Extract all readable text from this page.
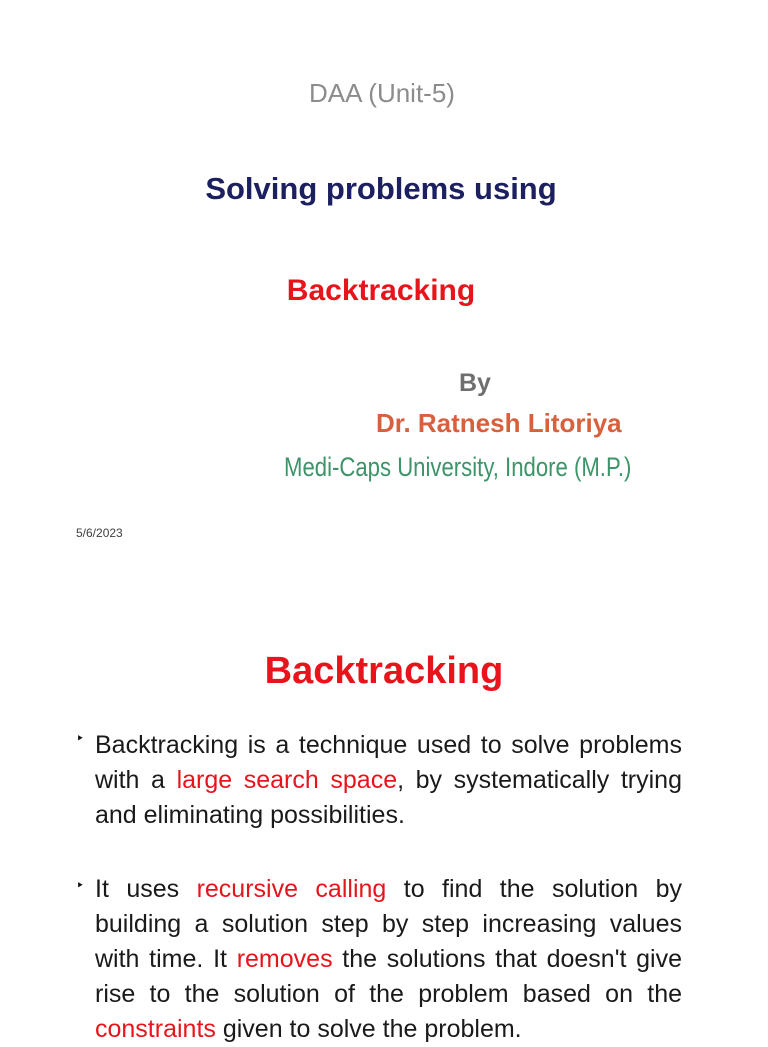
DAA (Unit-5)
Solving problems using
Backtracking
By
Dr. Ratnesh Litoriya
Medi-Caps University, Indore (M.P.)
5/6/2023
Backtracking
‣ Backtracking is a technique used to solve problems with a large search space, by systematically trying and eliminating possibilities.
‣ It uses recursive calling to find the solution by building a solution step by step increasing values with time. It removes the solutions that doesn't give rise to the solution of the problem based on the constraints given to solve the problem.
